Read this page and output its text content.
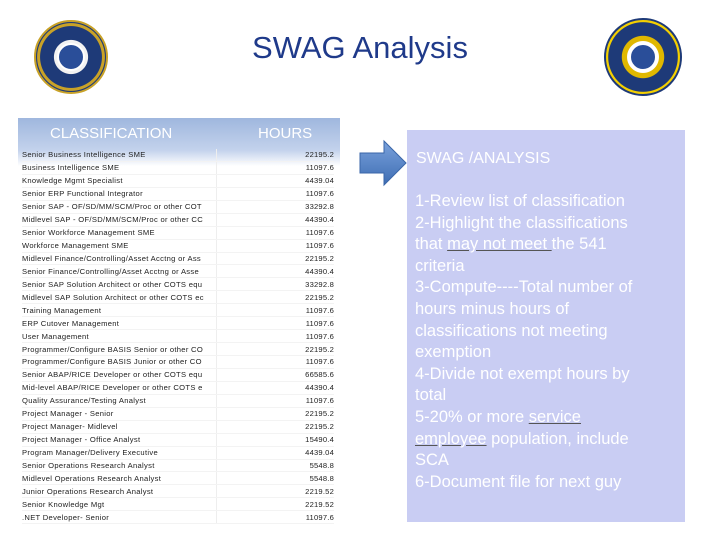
SWAG Analysis
CLASSIFICATION	HOURS
Senior Business Intelligence SME	22195.2
Business Intelligence SME	11097.6
Knowledge Mgmt Specialist	4439.04
Senior ERP Functional Integrator	11097.6
Senior SAP - OF/SD/MM/SCM/Proc or other COT	33292.8
Midlevel SAP - OF/SD/MM/SCM/Proc or other CC	44390.4
Senior Workforce Management SME	11097.6
Workforce Management SME	11097.6
Midlevel Finance/Controlling/Asset Acctng or Ass	22195.2
Senior Finance/Controlling/Asset Acctng or Asse	44390.4
Senior SAP Solution Architect or other COTS equ	33292.8
Midlevel SAP Solution Architect or other COTS ec	22195.2
Training Management	11097.6
ERP Cutover Management	11097.6
User Management	11097.6
Programmer/Configure BASIS Senior or other CO	22195.2
Programmer/Configure BASIS Junior or other CO	11097.6
Senior ABAP/RICE Developer or other COTS equ	66585.6
Mid-level ABAP/RICE Developer or other COTS e	44390.4
Quality Assurance/Testing Analyst	11097.6
Project Manager - Senior	22195.2
Project Manager- Midlevel	22195.2
Project Manager - Office Analyst	15490.4
Program Manager/Delivery Executive	4439.04
Senior Operations Research Analyst	5548.8
Midlevel Operations Research Analyst	5548.8
Junior Operations Research Analyst	2219.52
Senior Knowledge Mgt	2219.52
.NET Developer- Senior	11097.6
SWAG /ANALYSIS
1-Review list of classification
2-Highlight the classifications
that may not meet the 541
criteria
3-Compute----Total number of
hours minus hours of
classifications not meeting
exemption
4-Divide not exempt hours by
total
5-20% or more service
employee population, include
SCA
6-Document file for next guy
